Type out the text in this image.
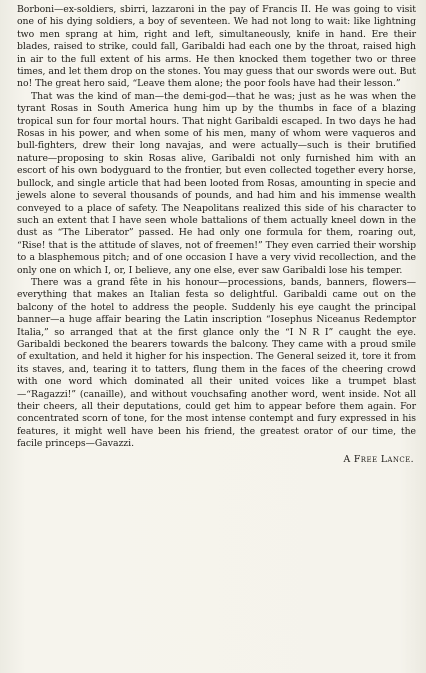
Borboni—ex-soldiers, sbirri, lazzaroni in the pay of Francis II. He was going to visit one of his dying soldiers, a boy of seventeen. We had not long to wait: like lightning two men sprang at him, right and left, simultaneously, knife in hand. Ere their blades, raised to strike, could fall, Garibaldi had each one by the throat, raised high in air to the full extent of his arms. He then knocked them together two or three times, and let them drop on the stones. You may guess that our swords were out. But no! The great hero said, “Leave them alone; the poor fools have had their lesson.”

That was the kind of man—the demi-god—that he was; just as he was when the tyrant Rosas in South America hung him up by the thumbs in face of a blazing tropical sun for four mortal hours. That night Garibaldi escaped. In two days he had Rosas in his power, and when some of his men, many of whom were vaqueros and bull-fighters, drew their long navajas, and were actually—such is their brutified nature—proposing to skin Rosas alive, Garibaldi not only furnished him with an escort of his own bodyguard to the frontier, but even collected together every horse, bullock, and single article that had been looted from Rosas, amounting in specie and jewels alone to several thousands of pounds, and had him and his immense wealth conveyed to a place of safety. The Neapolitans realized this side of his character to such an extent that I have seen whole battalions of them actually kneel down in the dust as “The Liberator” passed. He had only one formula for them, roaring out, “Rise! that is the attitude of slaves, not of freemen!” They even carried their worship to a blasphemous pitch; and of one occasion I have a very vivid recollection, and the only one on which I, or, I believe, any one else, ever saw Garibaldi lose his temper.

There was a grand fête in his honour—processions, bands, banners, flowers—everything that makes an Italian festa so delightful. Garibaldi came out on the balcony of the hotel to address the people. Suddenly his eye caught the principal banner—a huge affair bearing the Latin inscription “Iosephus Niceanus Redemptor Italia,” so arranged that at the first glance only the “I N R I” caught the eye. Garibaldi beckoned the bearers towards the balcony. They came with a proud smile of exultation, and held it higher for his inspection. The General seized it, tore it from its staves, and, tearing it to tatters, flung them in the faces of the cheering crowd with one word which dominated all their united voices like a trumpet blast—“Ragazzi!” (canaille), and without vouchsafing another word, went inside. Not all their cheers, all their deputations, could get him to appear before them again. For concentrated scorn of tone, for the most intense contempt and fury expressed in his features, it might well have been his friend, the greatest orator of our time, the facile princeps—Gavazzi.

A Free Lance.
